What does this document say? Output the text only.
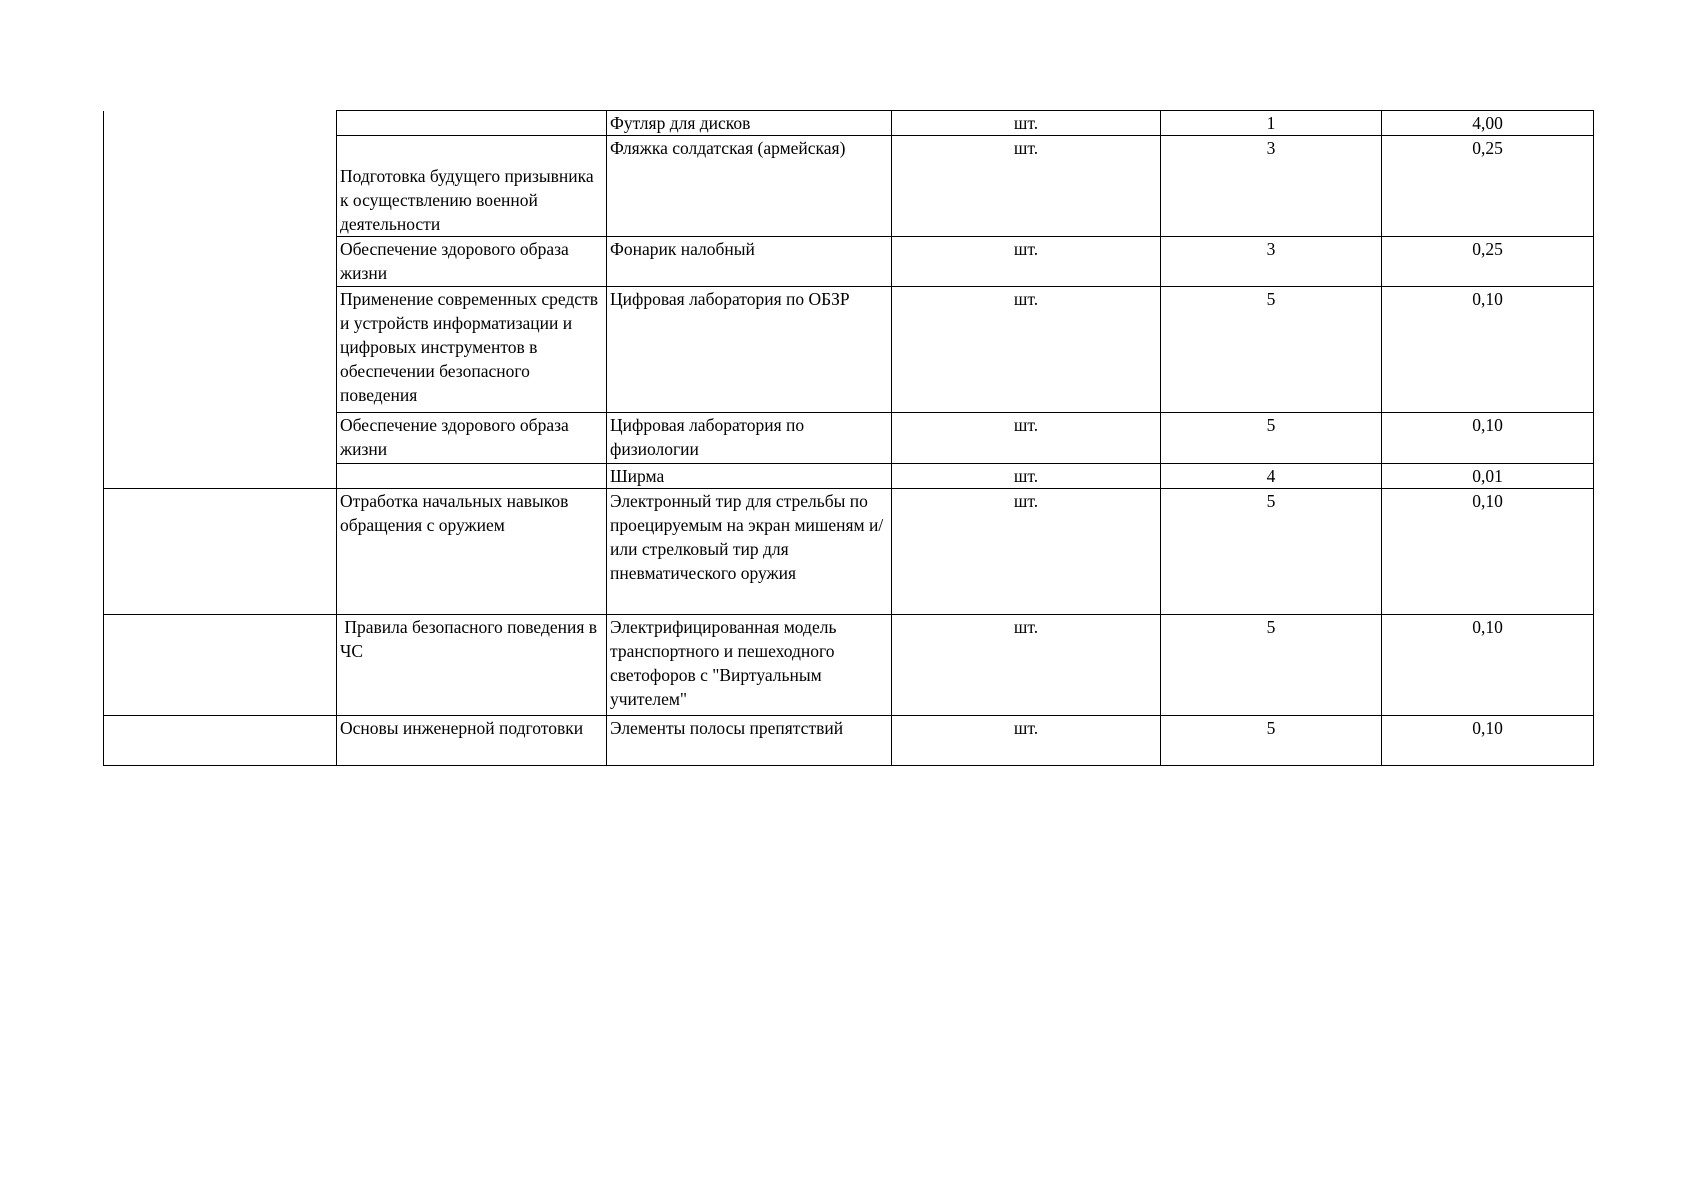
		Футляр для дисков	шт.	1	4,00
	Подготовка будущего призывника к осуществлению военной деятельности	Фляжка солдатская (армейская)	шт.	3	0,25
	Обеспечение здорового образа жизни	Фонарик налобный	шт.	3	0,25
	Применение современных средств и устройств информатизации и цифровых инструментов в обеспечении безопасного поведения	Цифровая лаборатория по ОБЗР	шт.	5	0,10
	Обеспечение здорового образа жизни	Цифровая лаборатория по физиологии	шт.	5	0,10
		Ширма	шт.	4	0,01
	Отработка начальных навыков обращения с оружием	Электронный тир для стрельбы по проецируемым на экран мишеням и/или стрелковый тир для пневматического оружия	шт.	5	0,10
	Правила безопасного поведения в ЧС	Электрифицированная модель транспортного и пешеходного светофоров с "Виртуальным учителем"	шт.	5	0,10
	Основы инженерной подготовки	Элементы полосы препятствий	шт.	5	0,10
